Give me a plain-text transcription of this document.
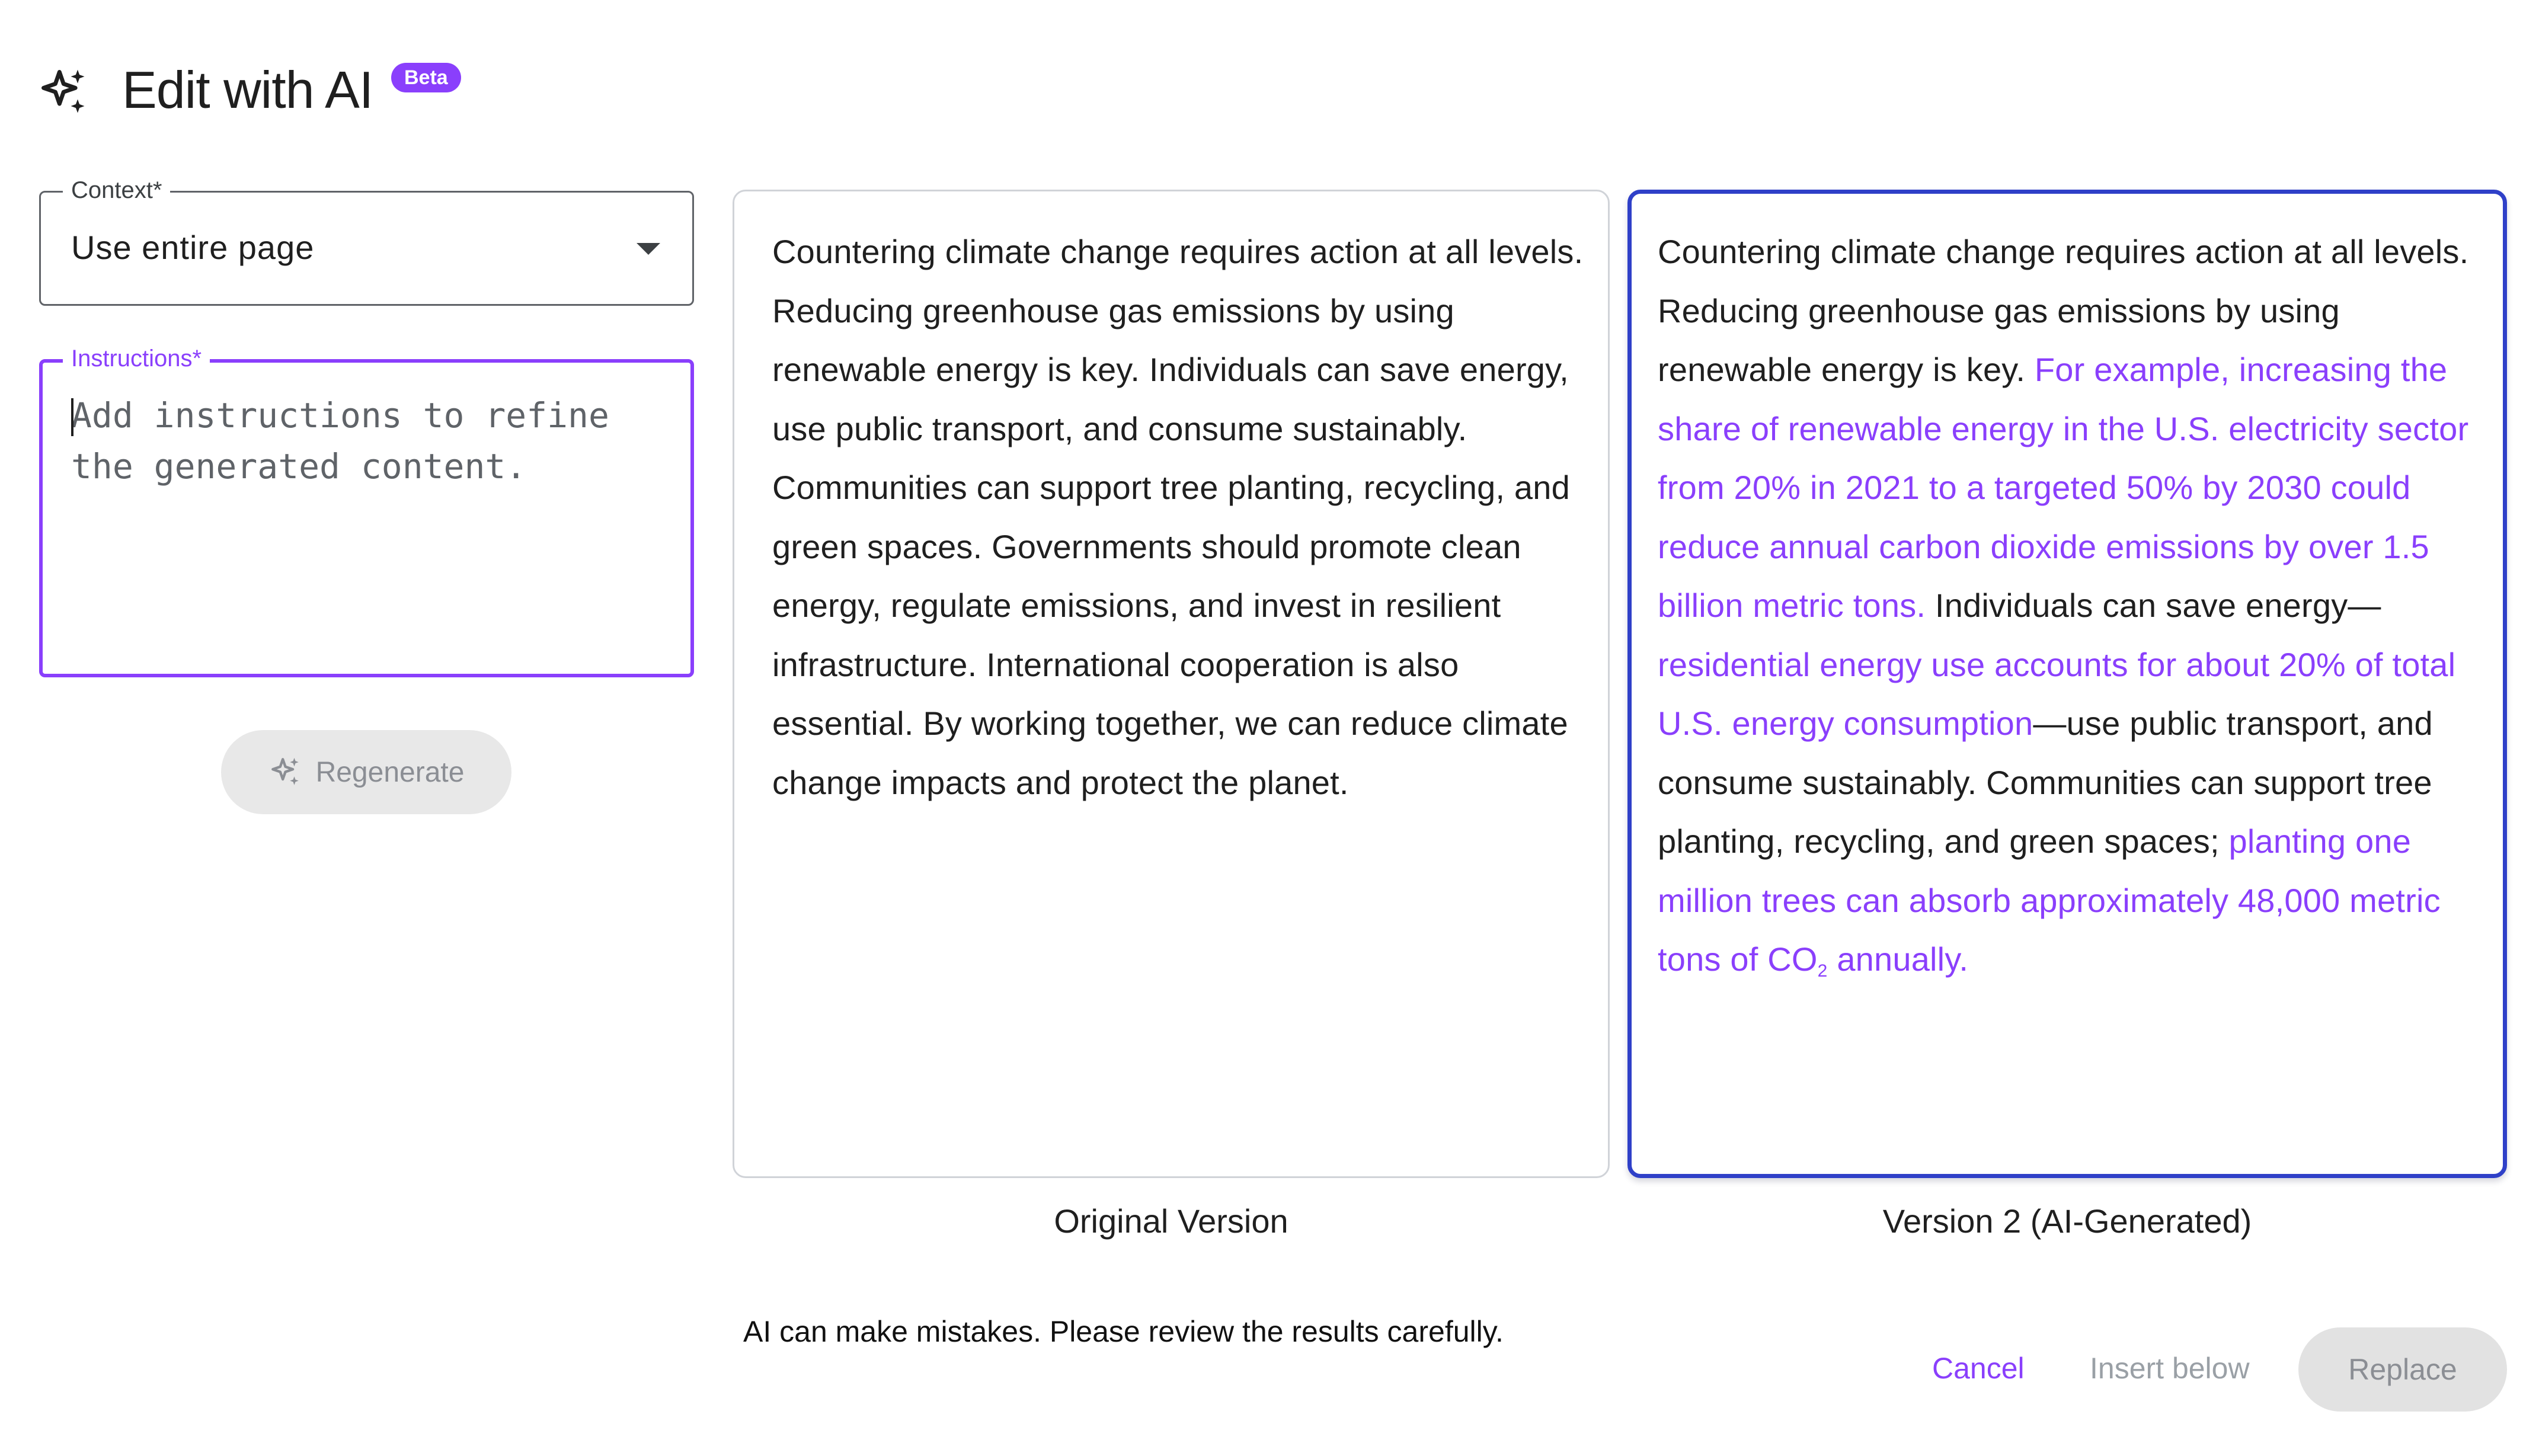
Edit with AI	Beta
Context*
Use entire page
Instructions*
Add instructions to refine the generated content.
Regenerate
Countering climate change requires action at all levels. Reducing greenhouse gas emissions by using renewable energy is key. Individuals can save energy, use public transport, and consume sustainably. Communities can support tree planting, recycling, and green spaces. Governments should promote clean energy, regulate emissions, and invest in resilient infrastructure. International cooperation is also essential. By working together, we can reduce climate change impacts and protect the planet.
Original Version
Countering climate change requires action at all levels. Reducing greenhouse gas emissions by using renewable energy is key. For example, increasing the share of renewable energy in the U.S. electricity sector from 20% in 2021 to a targeted 50% by 2030 could reduce annual carbon dioxide emissions by over 1.5 billion metric tons. Individuals can save energy—residential energy use accounts for about 20% of total U.S. energy consumption—use public transport, and consume sustainably. Communities can support tree planting, recycling, and green spaces; planting one million trees can absorb approximately 48,000 metric tons of $CO_2$ annually.
Version 2 (AI-Generated)
AI can make mistakes. Please review the results carefully.
Cancel Insert below	Replace
